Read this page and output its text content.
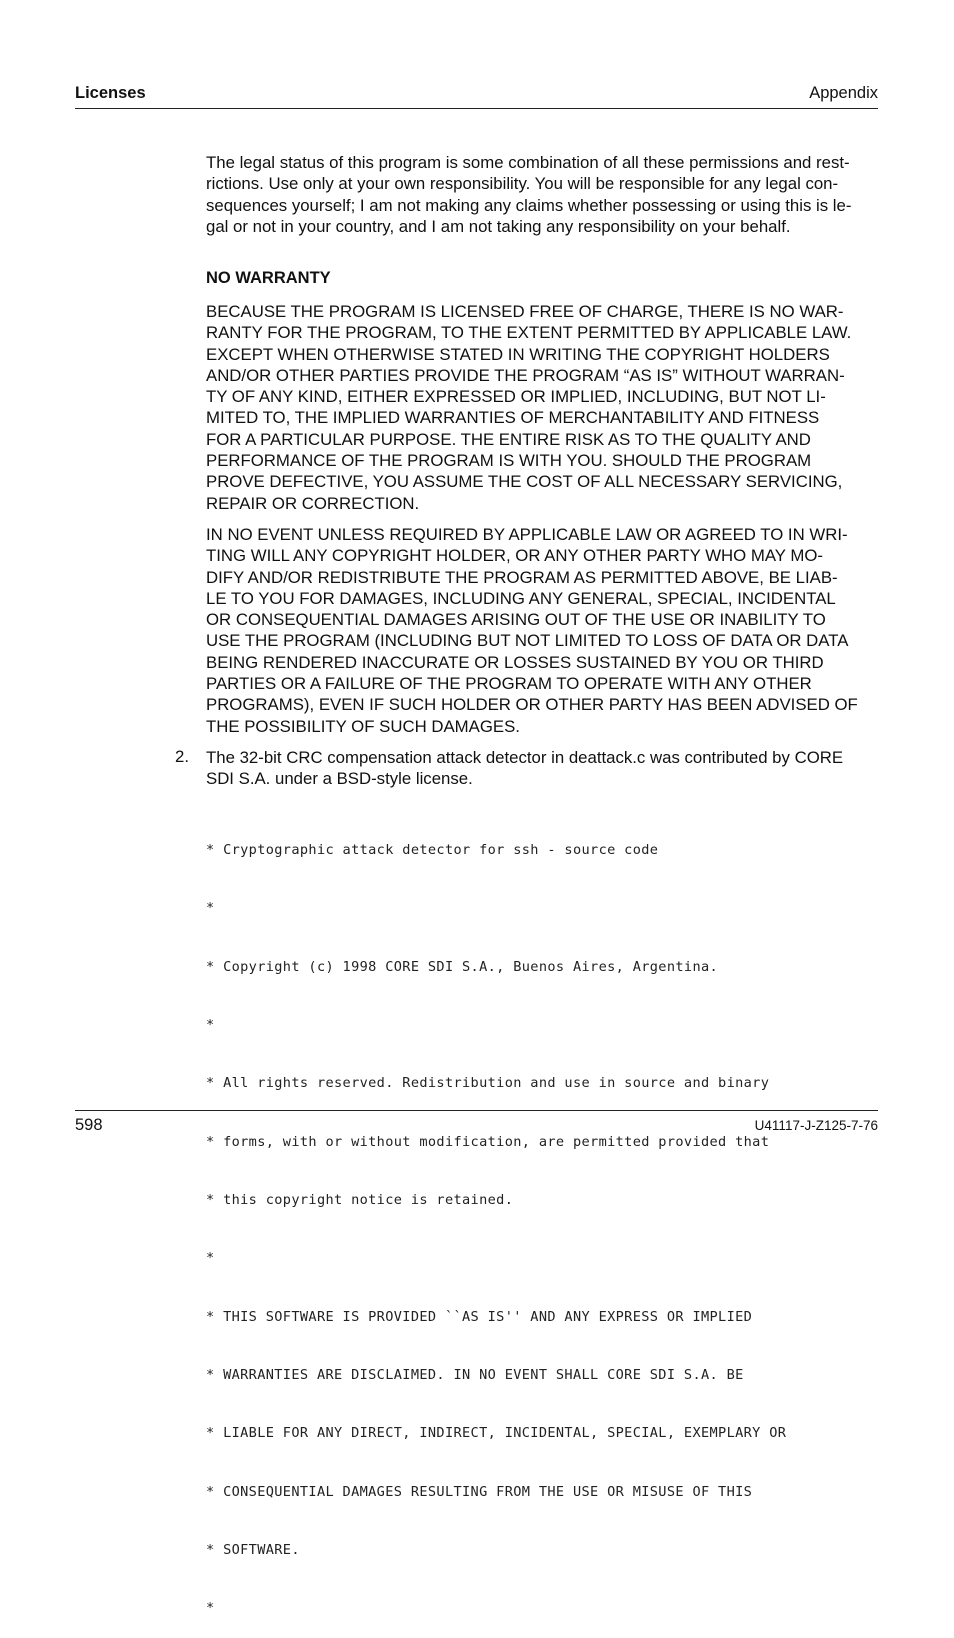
Licenses	Appendix
The legal status of this program is some combination of all these permissions and rest-
rictions. Use only at your own responsibility. You will be responsible for any legal con-
sequences yourself; I am not making any claims whether possessing or using this is le-
gal or not in your country, and I am not taking any responsibility on your behalf.
NO WARRANTY
BECAUSE THE PROGRAM IS LICENSED FREE OF CHARGE, THERE IS NO WAR-
RANTY FOR THE PROGRAM, TO THE EXTENT PERMITTED BY APPLICABLE LAW.
EXCEPT WHEN OTHERWISE STATED IN WRITING THE COPYRIGHT HOLDERS
AND/OR OTHER PARTIES PROVIDE THE PROGRAM “AS IS” WITHOUT WARRAN-
TY OF ANY KIND, EITHER EXPRESSED OR IMPLIED, INCLUDING, BUT NOT LI-
MITED TO, THE IMPLIED WARRANTIES OF MERCHANTABILITY AND FITNESS
FOR A PARTICULAR PURPOSE. THE ENTIRE RISK AS TO THE QUALITY AND
PERFORMANCE OF THE PROGRAM IS WITH YOU. SHOULD THE PROGRAM
PROVE DEFECTIVE, YOU ASSUME THE COST OF ALL NECESSARY SERVICING,
REPAIR OR CORRECTION.
IN NO EVENT UNLESS REQUIRED BY APPLICABLE LAW OR AGREED TO IN WRI-
TING WILL ANY COPYRIGHT HOLDER, OR ANY OTHER PARTY WHO MAY MO-
DIFY AND/OR REDISTRIBUTE THE PROGRAM AS PERMITTED ABOVE, BE LIAB-
LE TO YOU FOR DAMAGES, INCLUDING ANY GENERAL, SPECIAL, INCIDENTAL
OR CONSEQUENTIAL DAMAGES ARISING OUT OF THE USE OR INABILITY TO
USE THE PROGRAM (INCLUDING BUT NOT LIMITED TO LOSS OF DATA OR DATA
BEING RENDERED INACCURATE OR LOSSES SUSTAINED BY YOU OR THIRD
PARTIES OR A FAILURE OF THE PROGRAM TO OPERATE WITH ANY OTHER
PROGRAMS), EVEN IF SUCH HOLDER OR OTHER PARTY HAS BEEN ADVISED OF
THE POSSIBILITY OF SUCH DAMAGES.
2. The 32-bit CRC compensation attack detector in deattack.c was contributed by CORE
SDI S.A. under a BSD-style license.

* Cryptographic attack detector for ssh - source code

*

* Copyright (c) 1998 CORE SDI S.A., Buenos Aires, Argentina.

*

* All rights reserved. Redistribution and use in source and binary

* forms, with or without modification, are permitted provided that

* this copyright notice is retained.

*

* THIS SOFTWARE IS PROVIDED ``AS IS'' AND ANY EXPRESS OR IMPLIED

* WARRANTIES ARE DISCLAIMED. IN NO EVENT SHALL CORE SDI S.A. BE

* LIABLE FOR ANY DIRECT, INDIRECT, INCIDENTAL, SPECIAL, EXEMPLARY OR

* CONSEQUENTIAL DAMAGES RESULTING FROM THE USE OR MISUSE OF THIS

* SOFTWARE.

*

598	U41117-J-Z125-7-76
